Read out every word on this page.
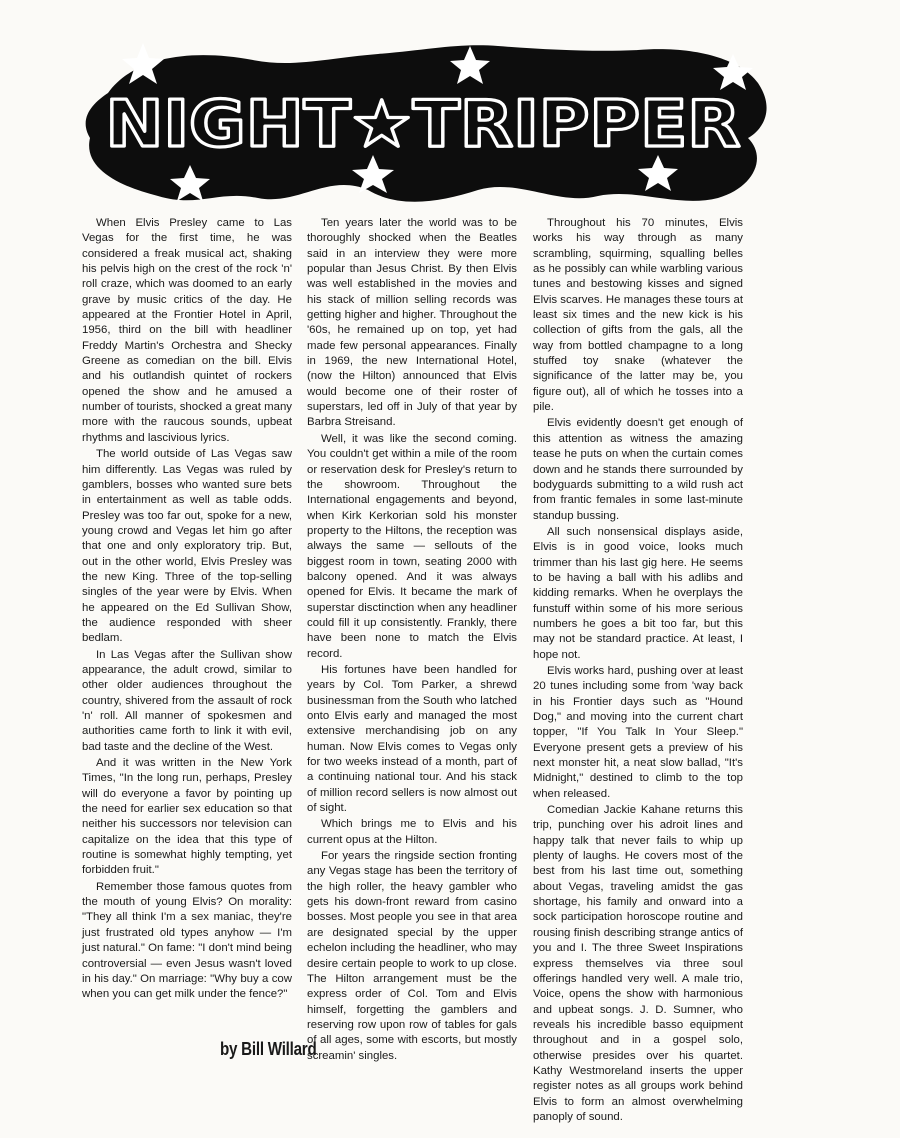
NIGHT★TRIPPER

When Elvis Presley came to Las Vegas for the first time, he was considered a freak musical act, shaking his pelvis high on the crest of the rock 'n' roll craze, which was doomed to an early grave by music critics of the day. He appeared at the Frontier Hotel in April, 1956, third on the bill with headliner Freddy Martin's Orchestra and Shecky Greene as comedian on the bill. Elvis and his outlandish quintet of rockers opened the show and he amused a number of tourists, shocked a great many more with the raucous sounds, upbeat rhythms and lascivious lyrics.

The world outside of Las Vegas saw him differently. Las Vegas was ruled by gamblers, bosses who wanted sure bets in entertainment as well as table odds. Presley was too far out, spoke for a new, young crowd and Vegas let him go after that one and only exploratory trip. But, out in the other world, Elvis Presley was the new King. Three of the top-selling singles of the year were by Elvis. When he appeared on the Ed Sullivan Show, the audience responded with sheer bedlam.

In Las Vegas after the Sullivan show appearance, the adult crowd, similar to other older audiences throughout the country, shivered from the assault of rock 'n' roll. All manner of spokesmen and authorities came forth to link it with evil, bad taste and the decline of the West.

And it was written in the New York Times, "In the long run, perhaps, Presley will do everyone a favor by pointing up the need for earlier sex education so that neither his successors nor television can capitalize on the idea that this type of routine is somewhat highly tempting, yet forbidden fruit."

Remember those famous quotes from the mouth of young Elvis? On morality: "They all think I'm a sex maniac, they're just frustrated old types anyhow — I'm just natural." On fame: "I don't mind being controversial — even Jesus wasn't loved in his day." On marriage: "Why buy a cow when you can get milk under the fence?"

Ten years later the world was to be thoroughly shocked when the Beatles said in an interview they were more popular than Jesus Christ. By then Elvis was well established in the movies and his stack of million selling records was getting higher and higher. Throughout the '60s, he remained up on top, yet had made few personal appearances. Finally in 1969, the new International Hotel, (now the Hilton) announced that Elvis would become one of their roster of superstars, led off in July of that year by Barbra Streisand.

Well, it was like the second coming. You couldn't get within a mile of the room or reservation desk for Presley's return to the showroom. Throughout the International engagements and beyond, when Kirk Kerkorian sold his monster property to the Hiltons, the reception was always the same — sellouts of the biggest room in town, seating 2000 with balcony opened. And it was always opened for Elvis. It became the mark of superstar disctinction when any headliner could fill it up consistently. Frankly, there have been none to match the Elvis record.

His fortunes have been handled for years by Col. Tom Parker, a shrewd businessman from the South who latched onto Elvis early and managed the most extensive merchandising job on any human. Now Elvis comes to Vegas only for two weeks instead of a month, part of a continuing national tour. And his stack of million record sellers is now almost out of sight.

Which brings me to Elvis and his current opus at the Hilton.

For years the ringside section fronting any Vegas stage has been the territory of the high roller, the heavy gambler who gets his down-front reward from casino bosses. Most people you see in that area are designated special by the upper echelon including the headliner, who may desire certain people to work to up close. The Hilton arrangement must be the express order of Col. Tom and Elvis himself, forgetting the gamblers and reserving row upon row of tables for gals of all ages, some with escorts, but mostly screamin' singles.

Throughout his 70 minutes, Elvis works his way through as many scrambling, squirming, squalling belles as he possibly can while warbling various tunes and bestowing kisses and signed Elvis scarves. He manages these tours at least six times and the new kick is his collection of gifts from the gals, all the way from bottled champagne to a long stuffed toy snake (whatever the significance of the latter may be, you figure out), all of which he tosses into a pile.

Elvis evidently doesn't get enough of this attention as witness the amazing tease he puts on when the curtain comes down and he stands there surrounded by bodyguards submitting to a wild rush act from frantic females in some last-minute standup bussing.

All such nonsensical displays aside, Elvis is in good voice, looks much trimmer than his last gig here. He seems to be having a ball with his adlibs and kidding remarks. When he overplays the funstuff within some of his more serious numbers he goes a bit too far, but this may not be standard practice. At least, I hope not.

Elvis works hard, pushing over at least 20 tunes including some from 'way back in his Frontier days such as "Hound Dog," and moving into the current chart topper, "If You Talk In Your Sleep." Everyone present gets a preview of his next monster hit, a neat slow ballad, "It's Midnight," destined to climb to the top when released.

Comedian Jackie Kahane returns this trip, punching over his adroit lines and happy talk that never fails to whip up plenty of laughs. He covers most of the best from his last time out, something about Vegas, traveling amidst the gas shortage, his family and onward into a sock participation horoscope routine and rousing finish describing strange antics of you and I. The three Sweet Inspirations express themselves via three soul offerings handled very well. A male trio, Voice, opens the show with harmonious and upbeat songs. J. D. Sumner, who reveals his incredible basso equipment throughout and in a gospel solo, otherwise presides over his quartet. Kathy Westmoreland inserts the upper register notes as all groups work behind Elvis to form an almost overwhelming panoply of sound.

by Bill Willard
